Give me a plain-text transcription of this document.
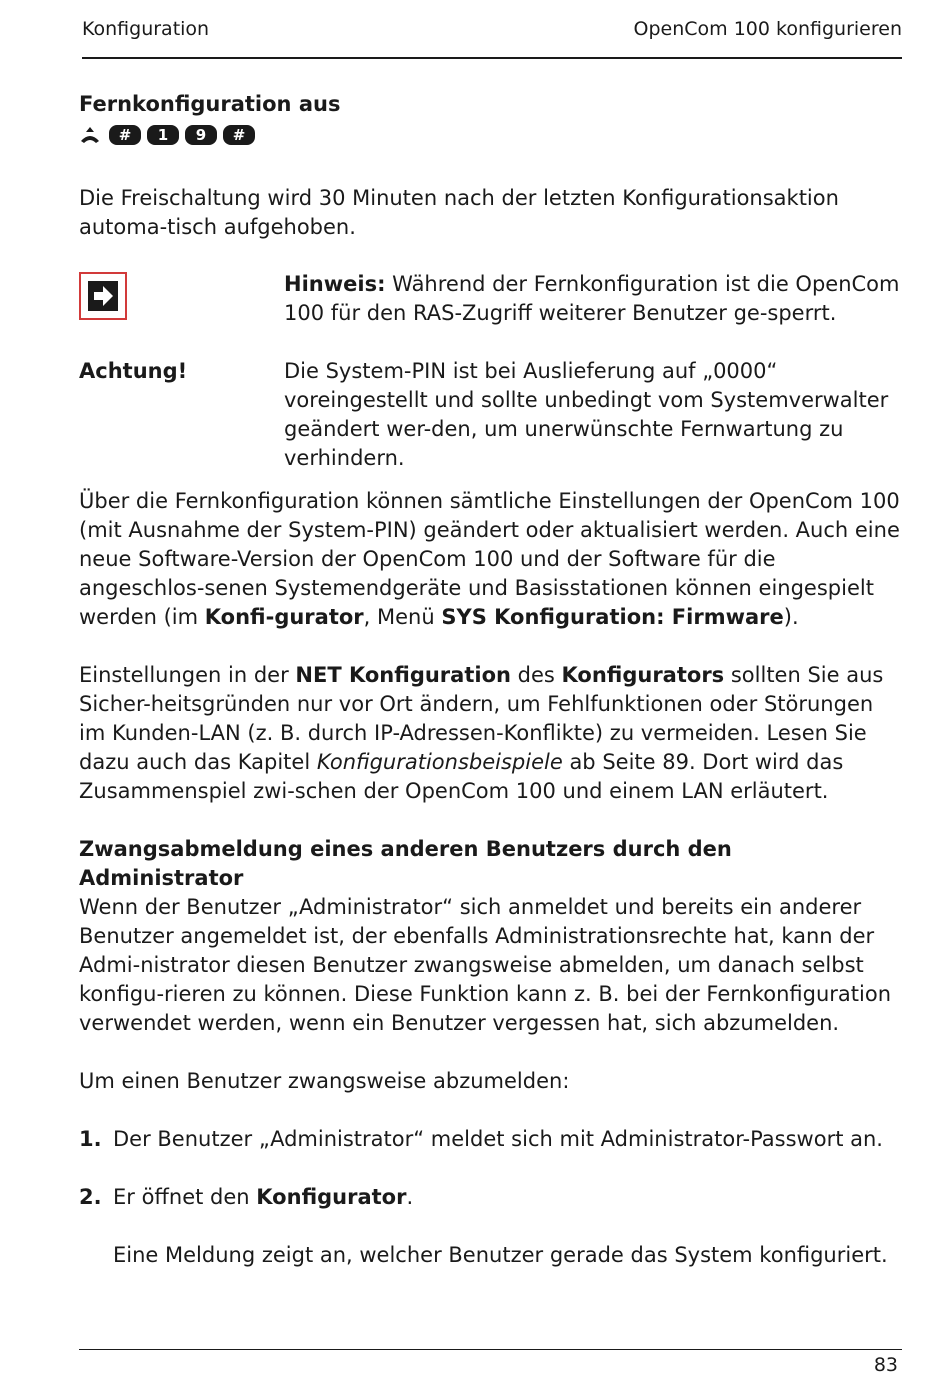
Konfiguration	OpenCom 100 konfigurieren

Fernkonfiguration aus

#	1	9	#

Die Freischaltung wird 30 Minuten nach der letzten Konfigurationsaktion automa-tisch aufgehoben.

Hinweis: Während der Fernkonfiguration ist die OpenCom 100 für den RAS-Zugriff weiterer Benutzer ge-sperrt.

Achtung!	Die System-PIN ist bei Auslieferung auf „0000“ voreingestellt und sollte unbedingt vom Systemverwalter geändert wer-den, um unerwünschte Fernwartung zu verhindern.

Über die Fernkonfiguration können sämtliche Einstellungen der OpenCom 100 (mit Ausnahme der System-PIN) geändert oder aktualisiert werden. Auch eine neue Software-Version der OpenCom 100 und der Software für die angeschlos-senen Systemendgeräte und Basisstationen können eingespielt werden (im Konfi-gurator, Menü SYS Konfiguration: Firmware).

Einstellungen in der NET Konfiguration des Konfigurators sollten Sie aus Sicher-heitsgründen nur vor Ort ändern, um Fehlfunktionen oder Störungen im Kunden-LAN (z. B. durch IP-Adressen-Konflikte) zu vermeiden. Lesen Sie dazu auch das Kapitel Konfigurationsbeispiele ab Seite 89. Dort wird das Zusammenspiel zwi-schen der OpenCom 100 und einem LAN erläutert.

Zwangsabmeldung eines anderen Benutzers durch den Administrator

Wenn der Benutzer „Administrator“ sich anmeldet und bereits ein anderer Benutzer angemeldet ist, der ebenfalls Administrationsrechte hat, kann der Admi-nistrator diesen Benutzer zwangsweise abmelden, um danach selbst konfigu-rieren zu können. Diese Funktion kann z. B. bei der Fernkonfiguration verwendet werden, wenn ein Benutzer vergessen hat, sich abzumelden.

Um einen Benutzer zwangsweise abzumelden:

1. Der Benutzer „Administrator“ meldet sich mit Administrator-Passwort an.
2. Er öffnet den Konfigurator.

Eine Meldung zeigt an, welcher Benutzer gerade das System konfiguriert.

83
